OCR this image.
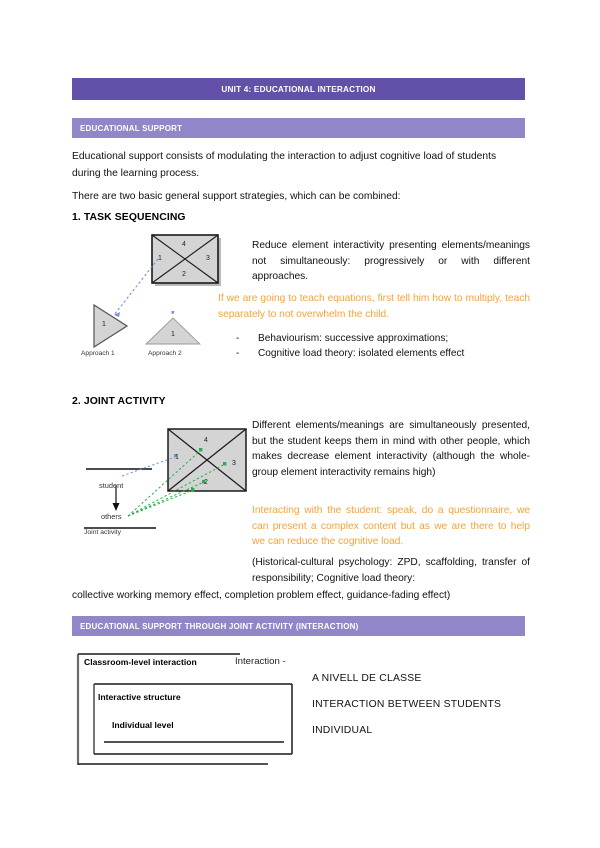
UNIT 4: EDUCATIONAL INTERACTION
EDUCATIONAL SUPPORT
Educational support consists of modulating the interaction to adjust cognitive load of students during the learning process.
There are two basic general support strategies, which can be combined:
1. TASK SEQUENCING
1
4
3
2
1
1
Approach 1	Approach 2
Reduce element interactivity presenting elements/meanings not simultaneously: progressively or with different approaches.
If we are going to teach equations, first tell him how to multiply, teach separately to not overwhelm the child.
-	Behaviourism: successive approximations;
-	Cognitive load theory: isolated elements effect
2. JOINT ACTIVITY
1
4
3
2
student
others
Joint activity
Different elements/meanings are simultaneously presented, but the student keeps them in mind with other people, which makes decrease element interactivity (although the whole-group element interactivity remains high)
Interacting with the student: speak, do a questionnaire, we can present a complex content but as we are there to help we can reduce the cognitive load.
(Historical-cultural psychology: ZPD, scaffolding, transfer of responsibility; Cognitive load theory:
collective working memory effect, completion problem effect, guidance-fading effect)
EDUCATIONAL SUPPORT THROUGH JOINT ACTIVITY (INTERACTION)
Classroom-level interaction
Interactive structure
Individual level
Interaction -
A NIVELL DE CLASSE
INTERACTION BETWEEN STUDENTS
INDIVIDUAL
